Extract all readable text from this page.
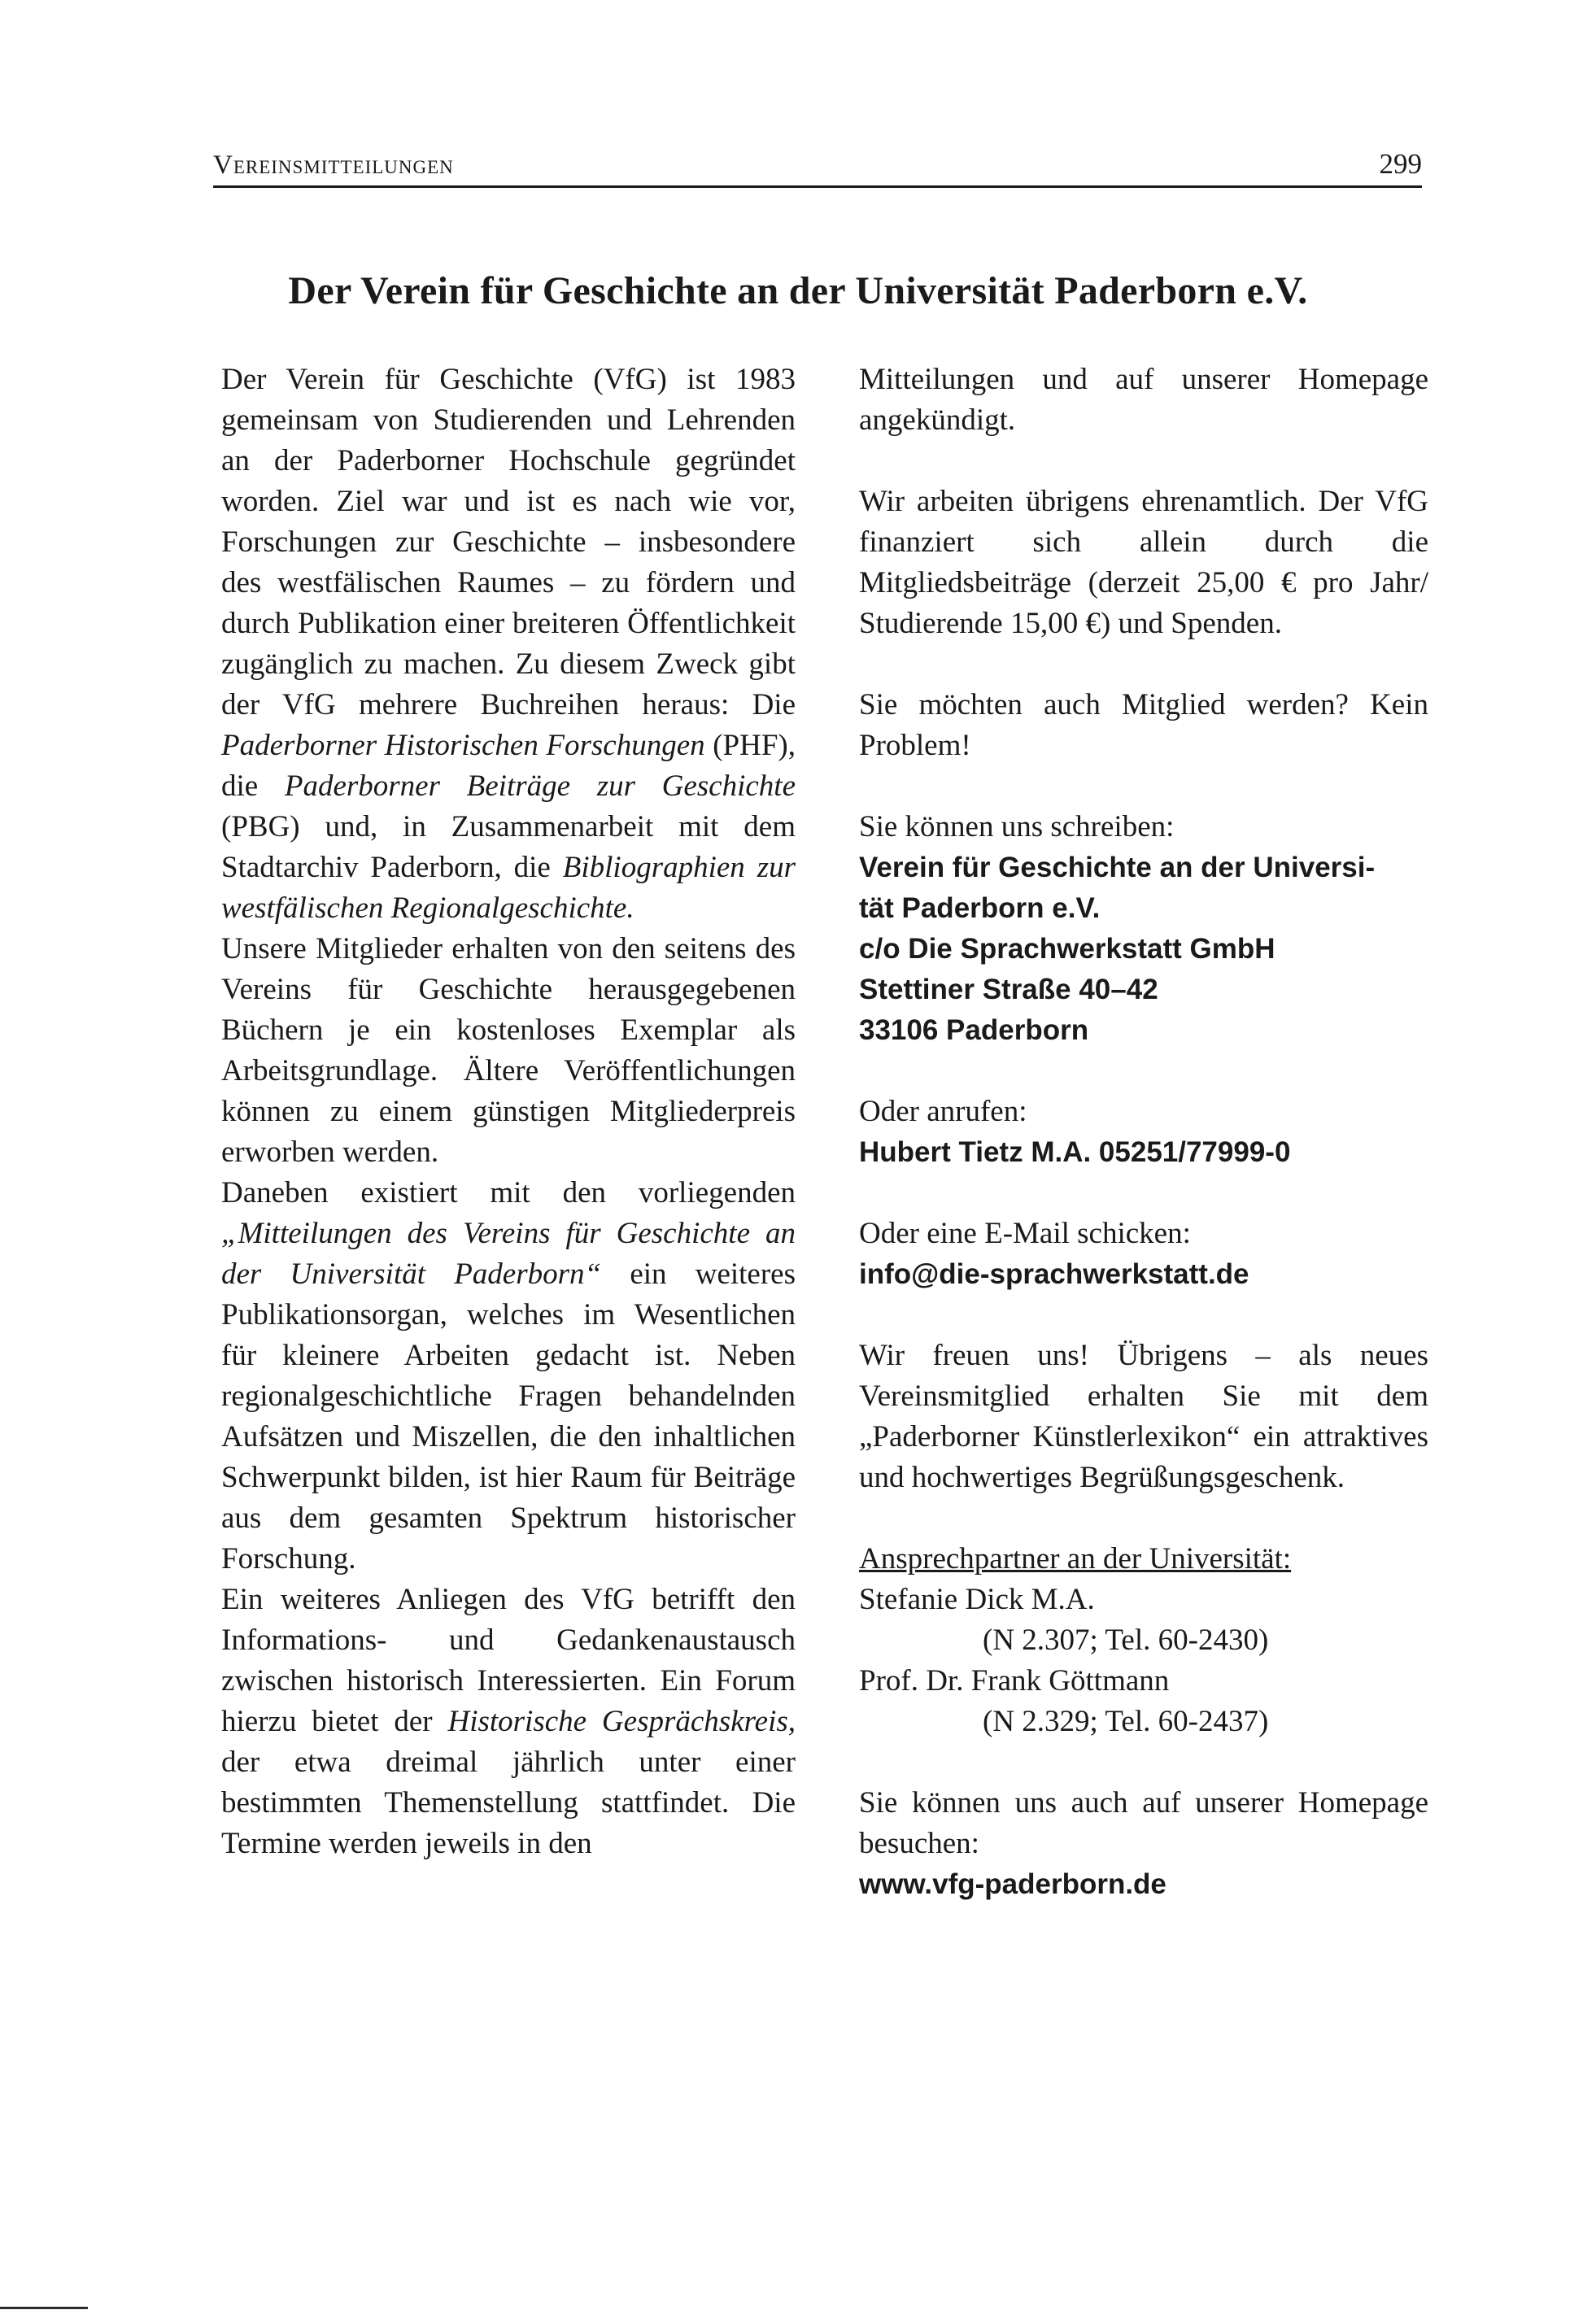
Vereinsmitteilungen	299
Der Verein für Geschichte an der Universität Paderborn e.V.

Der Verein für Geschichte (VfG) ist 1983 gemeinsam von Studierenden und Lehrenden an der Paderborner Hochschule gegründet worden. Ziel war und ist es nach wie vor, Forschungen zur Geschichte – insbesondere des westfälischen Raumes – zu fördern und durch Publikation einer breiteren Öffentlichkeit zugänglich zu machen. Zu diesem Zweck gibt der VfG mehrere Buchreihen heraus: Die Paderborner Historischen Forschungen (PHF), die Paderborner Beiträge zur Geschichte (PBG) und, in Zusammenarbeit mit dem Stadtarchiv Paderborn, die Bibliographien zur westfälischen Regionalgeschichte.

Unsere Mitglieder erhalten von den seitens des Vereins für Geschichte herausgegebenen Büchern je ein kostenloses Exemplar als Arbeitsgrundlage. Ältere Veröffentlichungen können zu einem günstigen Mitgliederpreis erworben werden.

Daneben existiert mit den vorliegenden „Mitteilungen des Vereins für Geschichte an der Universität Paderborn“ ein weiteres Publikationsorgan, welches im Wesentlichen für kleinere Arbeiten gedacht ist. Neben regionalgeschichtliche Fragen behandelnden Aufsätzen und Miszellen, die den inhaltlichen Schwerpunkt bilden, ist hier Raum für Beiträge aus dem gesamten Spektrum historischer Forschung.

Ein weiteres Anliegen des VfG betrifft den Informations- und Gedankenaustausch zwischen historisch Interessierten. Ein Forum hierzu bietet der Historische Gesprächskreis, der etwa dreimal jährlich unter einer bestimmten Themenstellung stattfindet. Die Termine werden jeweils in den

Mitteilungen und auf unserer Homepage angekündigt.

Wir arbeiten übrigens ehrenamtlich. Der VfG finanziert sich allein durch die Mitgliedsbeiträge (derzeit 25,00 € pro Jahr/ Studierende 15,00 €) und Spenden.

Sie möchten auch Mitglied werden? Kein Problem!

Sie können uns schreiben:

Verein für Geschichte an der Universi-
tät Paderborn e.V.
c/o Die Sprachwerkstatt GmbH
Stettiner Straße 40–42
33106 Paderborn

Oder anrufen:

Hubert Tietz M.A. 05251/77999-0

Oder eine E-Mail schicken:

info@die-sprachwerkstatt.de

Wir freuen uns! Übrigens – als neues Vereinsmitglied erhalten Sie mit dem „Paderborner Künstlerlexikon“ ein attraktives und hochwertiges Begrüßungsgeschenk.

Ansprechpartner an der Universität:

Stefanie Dick M.A.

(N 2.307; Tel. 60-2430)

Prof. Dr. Frank Göttmann

(N 2.329; Tel. 60-2437)

Sie können uns auch auf unserer Homepage besuchen:

www.vfg-paderborn.de
